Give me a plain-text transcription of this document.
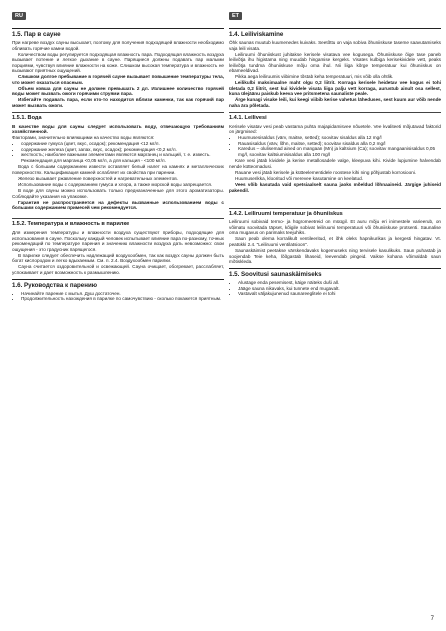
RU	ET
1.5. Пар в сауне

При нагреве воздух сауны высыхает, поэтому для получения подходящей влажности необходимо обливать горячие камни водой.

Количеством воды регулируется подходящая влажность пара. Подходящая влажность воздуха вызывает потение и легкое дыхание в сауне. Парящиеся должны подавать пар малыми порциями, чувствуя влияние влажности на коже. Слишком высокая температура и влажность не вызывают приятных ощущений.

Слишком долгое пребывание в горячей сауне вызывает повышение температуры тела, что может оказаться опасным.

Объем ковша для сауны не должен превышать 2 дл. Излишнее количество горячей воды может вызвать ожоги горячими струями пара.

Избегайте подавать пара, если кто-то находится вблизи каменки, так как горячий пар может вызвать ожоги.

1.5.1. Вода

В качестве воды для сауны следует использовать воду, отвечающую требованиям хозяйственной.

Факторами, значительно влияющими на качество воды являются:

• содержание гумуса (цвет, вкус, осадок); рекомендация <12 мг/л.
• содержание железа (цвет, запах, вкус, осадок); рекомендация <0,2 мг/л.
• жесткость; наиболее важными элементами являются марганец и кальций, т. е. известь. Рекомендация для марганца <0,05 мг/л, а для кальция - <100 мг/л.

Вода с большим содержанием извести оставляет белый налет на камнях и металлических поверхностях. Кальцификация камней ослабляет их свойства при парении.

Железо вызывает ржавление поверхностей и нагревательных элементов.

Использование воды с содержанием гумуса и хлора, а также морской воды запрещается.

В воде для сауны можно использовать только предназначенные для этого ароматизаторы. Соблюдайте указания на упаковке.

Гарантия не распространяется на дефекты вызванные использованием воды с большим содержанием примесей чем рекомендуется.

1.5.2. Температура и влажность в парилке

Для измерения температуры и влажности воздуха существуют приборы, подходящие для использования в сауне. Поскольку каждый человек испытывает влияние пара по-разному, точных рекомендаций по температуре парения и значению влажности воздуха дать невозможно: свои ощущения - это градусник парящегося.

В парилке следует обеспечить надлежащий воздухообмен, так как воздух сауны должен быть богат кислородом и легко вдыхаемым. См. п. 2.4. Воздухообмен парилки.

Сауна считается оздоровительной и освежающей. Сауна очищает, обогревает, расслабляет, успокаивает и дает возможность к размышлению.

1.6. Руководства к парению
• Начинайте парение с мытья. Душ достаточен.
• Продолжительность нахождения в парилке по самочувствию - сколько покажется приятным.
1.4. Leiliviskamine

Õhk saunas muutub kuumenedes kuivaks. Seetõttu on vaja sobiva õhuniiskuse taseme saavutamiseks vaja leili visata.

Leiliruumi õhuniiskust juhitakse kerisele visatava vee kogusega. Õhuniiskuse õige tase paneb leilivõtja ihu higistama ning muudab hingamise kergeks. Visates kulbiga kerisekividele vett, peaks leilivõtja tundma õhuniiskuse mõju oma ihul. Nii liiga kõrge temperatuur kui õhuniiskus on ebameeldivad.

Pikka aega leiliruumis viibimine tõstab keha temperatuuri, mis võib olla ohtlik.

Leilikulbi maksimaalne maht olgu 0,2 liitrit. Korraga kerisele heidetav vee kogus ei tohi ületada 0,2 liitrit, sest kui kividele visata liiga palju vett korraga, aurustub ainult osa sellest, kuna ülejäänu paiskub keeva vee pritsmetena saunaliste peale.

Ärge kunagi visake leili, kui keegi viibib kerise vahetus läheduses, sest kuum aur võib nende naha ära põletada.

1.4.1. Leilivesi

Kerisele visatav vesi peab vastama puhta majapidamisvee nõuetele. Vee kvaliteeti mõjutavad faktorid on järgmised:

• Huumusesisaldus (värv, maitse, setted); soovitav sisaldus alla 12 mg/l
• Rauasisaldus (värv, lõhn, maitse, setted); soovitav sisaldus alla 0,2 mg/l
• Karedus – olulisemad ained on mangaan (Mn) ja kaltsium (Ca); soovitav mangaanisisaldus 0,05 mg/l, soovitav kaltsiumisisaldus alla 100 mg/l

Kare vesi jätab kividele ja kerise metallosadele valge, kleepuva kihi. Kivide lupjumine halvendab nende kütteomadusi.

Rauane vesi jätab kerisele ja kütteelementidele roostese kihi ning põhjustab korrosiooni.

Huumuserikka, klooritud või mereveе kasutamine on keelatud.

Vees võib kasutada vaid spetsiaalselt sauna jaoks mõeldud lõhnaaineid. Järgige juhiseid pakendil.

1.4.2. Leiliruumi temperatuur ja õhuniiskus

Leiliruumi sobivaid termo- ja hügromeetreid on müügil. Et auru mõju eri inimestele varieerub, on võimatu soovitada täpset, kõigile sobivat leiliruumi temperatuuri või õhuniiskuse protsenti. Saunalise oma mugavus on parimaks teejuhiks.

Saun peab olema korralikult ventileeritud, et õhk oleks hapnikurikas ja kergesti hingatav. Vt. peatükki 2.4. "Leiliruumi ventilatsioon".

Saunaskäimist peetakse värskendavaks kogemuseks ning tervisele kasulikuks. Saun puhastab ja soojendab Teie keha, lõõgastab lihaseid, leevendab pingeid. Vaikse kohana võimaldab saun mõtiskleda.

1.5. Soovitusi saunaskäimiseks
• Alustage enda pesemisest, käige näiteks duši all.
• Jääge sauna nikavaks, kui tunnete end mugavalt.
• Vastavalt väljakujunenud saunareeglitele ei tohi
7
